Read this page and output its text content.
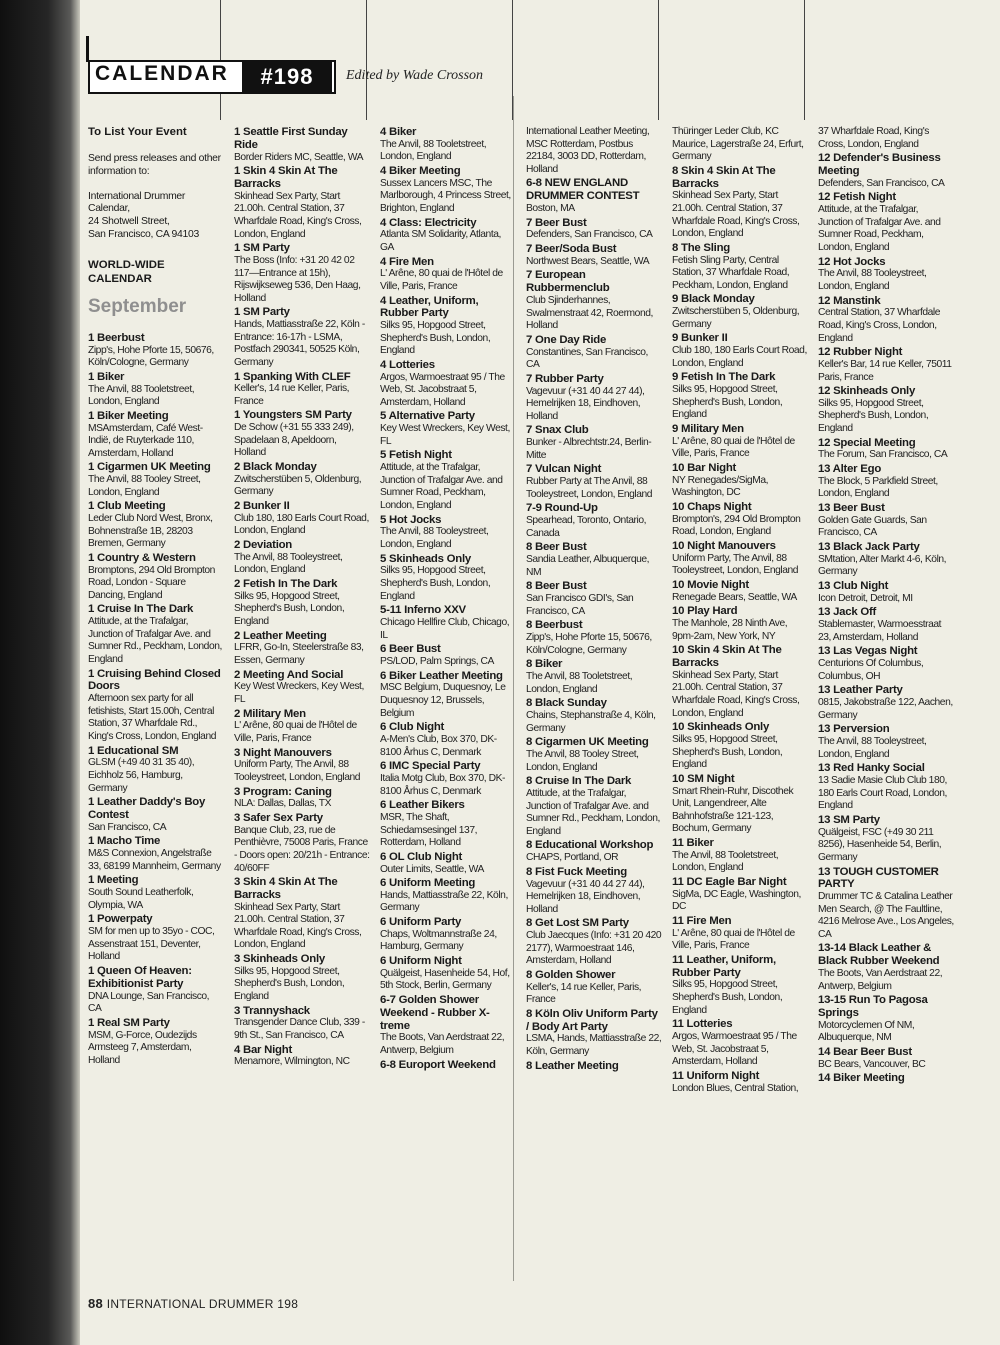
CALENDAR	#198	Edited by Wade Crosson
To List Your Event
Send press releases and other information to:
International Drummer
Calendar,
24 Shotwell Street,
San Francisco, CA 94103
WORLD-WIDE CALENDAR
September
1 Beerbust
Zipp's, Hohe Pforte 15, 50676, Köln/Cologne, Germany
1 Biker
The Anvil, 88 Tooletstreet, London, England
1 Biker Meeting
MSAmsterdam, Café West-Indië, de Ruyterkade 110, Amsterdam, Holland
1 Cigarmen UK Meeting
The Anvil, 88 Tooley Street, London, England
1 Club Meeting
Leder Club Nord West, Bronx, Bohnenstraße 1B, 28203 Bremen, Germany
1 Country & Western
Bromptons, 294 Old Brompton Road, London - Square Dancing, England
1 Cruise In The Dark
Attitude, at the Trafalgar, Junction of Trafalgar Ave. and Sumner Rd., Peckham, London, England
1 Cruising Behind Closed Doors
Afternoon sex party for all fetishists, Start 15.00h, Central Station, 37 Wharfdale Rd., King's Cross, London, England
1 Educational SM
GLSM (+49 40 31 35 40), Eichholz 56, Hamburg, Germany
1 Leather Daddy's Boy Contest
San Francisco, CA
1 Macho Time
M&S Connexion, Angelstraße 33, 68199 Mannheim, Germany
1 Meeting
South Sound Leatherfolk, Olympia, WA
1 Powerpaty
SM for men up to 35yo - COC, Assenstraat 151, Deventer, Holland
1 Queen Of Heaven: Exhibitionist Party
DNA Lounge, San Francisco, CA
1 Real SM Party
MSM, G-Force, Oudezijds Armsteeg 7, Amsterdam, Holland
1 Seattle First Sunday Ride
Border Riders MC, Seattle, WA
1 Skin 4 Skin At The Barracks
Skinhead Sex Party, Start 21.00h. Central Station, 37 Wharfdale Road, King's Cross, London, England
1 SM Party
The Boss (Info: +31 20 42 02 117—Entrance at 15h), Rijswijkseweg 536, Den Haag, Holland
1 SM Party
Hands, Mattiasstraße 22, Köln - Entrance: 16-17h - LSMA, Postfach 290341, 50525 Köln, Germany
1 Spanking With CLEF
Keller's, 14 rue Keller, Paris, France
1 Youngsters SM Party
De Schow (+31 55 333 249), Spadelaan 8, Apeldoorn, Holland
2 Black Monday
Zwitscherstüben 5, Oldenburg, Germany
2 Bunker II
Club 180, 180 Earls Court Road, London, England
2 Deviation
The Anvil, 88 Tooleystreet, London, England
2 Fetish In The Dark
Silks 95, Hopgood Street, Shepherd's Bush, London, England
2 Leather Meeting
LFRR, Go-In, Steelerstraße 83, Essen, Germany
2 Meeting And Social
Key West Wreckers, Key West, FL
2 Military Men
L' Arêne, 80 quai de l'Hôtel de Ville, Paris, France
3 Night Manouvers
Uniform Party, The Anvil, 88 Tooleystreet, London, England
3 Program: Caning
NLA: Dallas, Dallas, TX
3 Safer Sex Party
Banque Club, 23, rue de Penthièvre, 75008 Paris, France - Doors open: 20/21h - Entrance: 40/60FF
3 Skin 4 Skin At The Barracks
Skinhead Sex Party, Start 21.00h. Central Station, 37 Wharfdale Road, King's Cross, London, England
3 Skinheads Only
Silks 95, Hopgood Street, Shepherd's Bush, London, England
3 Trannyshack
Transgender Dance Club, 339 - 9th St., San Francisco, CA
4 Bar Night
Menamore, Wilmington, NC
4 Biker
The Anvil, 88 Tooletstreet, London, England
4 Biker Meeting
Sussex Lancers MSC, The Marlborough, 4 Princess Street, Brighton, England
4 Class: Electricity
Atlanta SM Solidarity, Atlanta, GA
4 Fire Men
L' Arêne, 80 quai de l'Hôtel de Ville, Paris, France
4 Leather, Uniform, Rubber Party
Silks 95, Hopgood Street, Shepherd's Bush, London, England
4 Lotteries
Argos, Warmoestraat 95 / The Web, St. Jacobstraat 5, Amsterdam, Holland
5 Alternative Party
Key West Wreckers, Key West, FL
5 Fetish Night
Attitude, at the Trafalgar, Junction of Trafalgar Ave. and Sumner Road, Peckham, London, England
5 Hot Jocks
The Anvil, 88 Tooleystreet, London, England
5 Skinheads Only
Silks 95, Hopgood Street, Shepherd's Bush, London, England
5-11 Inferno XXV
Chicago Hellfire Club, Chicago, IL
6 Beer Bust
PS/LOD, Palm Springs, CA
6 Biker Leather Meeting
MSC Belgium, Duquesnoy, Le Duquesnoy 12, Brussels, Belgium
6 Club Night
A-Men's Club, Box 370, DK-8100 Århus C, Denmark
6 IMC Special Party
Italia Motg Club, Box 370, DK-8100 Århus C, Denmark
6 Leather Bikers
MSR, The Shaft, Schiedamsesingel 137, Rotterdam, Holland
6 OL Club Night
Outer Limits, Seattle, WA
6 Uniform Meeting
Hands, Mattiasstraße 22, Köln, Germany
6 Uniform Party
Chaps, Woltmannstraße 24, Hamburg, Germany
6 Uniform Night
Quälgeist, Hasenheide 54, Hof, 5th Stock, Berlin, Germany
6-7 Golden Shower Weekend - Rubber X-treme
The Boots, Van Aerdstraat 22, Antwerp, Belgium
6-8 Europort Weekend
International Leather Meeting, MSC Rotterdam, Postbus 22184, 3003 DD, Rotterdam, Holland
6-8 NEW ENGLAND DRUMMER CONTEST
Boston, MA
7 Beer Bust
Defenders, San Francisco, CA
7 Beer/Soda Bust
Northwest Bears, Seattle, WA
7 European Rubbermenclub
Club Sjinderhannes, Swalmenstraat 42, Roermond, Holland
7 One Day Ride
Constantines, San Francisco, CA
7 Rubber Party
Vagevuur (+31 40 44 27 44), Hemelrijken 18, Eindhoven, Holland
7 Snax Club
Bunker - Albrechtstr.24, Berlin-Mitte
7 Vulcan Night
Rubber Party at The Anvil, 88 Tooleystreet, London, England
7-9 Round-Up
Spearhead, Toronto, Ontario, Canada
8 Beer Bust
Sandia Leather, Albuquerque, NM
8 Beer Bust
San Francisco GDI's, San Francisco, CA
8 Beerbust
Zipp's, Hohe Pforte 15, 50676, Köln/Cologne, Germany
8 Biker
The Anvil, 88 Tooletstreet, London, England
8 Black Sunday
Chains, Stephanstraße 4, Köln, Germany
8 Cigarmen UK Meeting
The Anvil, 88 Tooley Street, London, England
8 Cruise In The Dark
Attitude, at the Trafalgar, Junction of Trafalgar Ave. and Sumner Rd., Peckham, London, England
8 Educational Workshop
CHAPS, Portland, OR
8 Fist Fuck Meeting
Vagevuur (+31 40 44 27 44), Hemelrijken 18, Eindhoven, Holland
8 Get Lost SM Party
Club Jaecques (Info: +31 20 420 2177), Warmoestraat 146, Amsterdam, Holland
8 Golden Shower
Keller's, 14 rue Keller, Paris, France
8 Köln Oliv Uniform Party / Body Art Party
LSMA, Hands, Mattiasstraße 22, Köln, Germany
8 Leather Meeting
Thüringer Leder Club, KC Maurice, Lagerstraße 24, Erfurt, Germany
8 Skin 4 Skin At The Barracks
Skinhead Sex Party, Start 21.00h. Central Station, 37 Wharfdale Road, King's Cross, London, England
8 The Sling
Fetish Sling Party, Central Station, 37 Wharfdale Road, Peckham, London, England
9 Black Monday
Zwitscherstüben 5, Oldenburg, Germany
9 Bunker II
Club 180, 180 Earls Court Road, London, England
9 Fetish In The Dark
Silks 95, Hopgood Street, Shepherd's Bush, London, England
9 Military Men
L' Arêne, 80 quai de l'Hôtel de Ville, Paris, France
10 Bar Night
NY Renegades/SigMa, Washington, DC
10 Chaps Night
Brompton's, 294 Old Brompton Road, London, England
10 Night Manouvers
Uniform Party, The Anvil, 88 Tooleystreet, London, England
10 Movie Night
Renegade Bears, Seattle, WA
10 Play Hard
The Manhole, 28 Ninth Ave, 9pm-2am, New York, NY
10 Skin 4 Skin At The Barracks
Skinhead Sex Party, Start 21.00h. Central Station, 37 Wharfdale Road, King's Cross, London, England
10 Skinheads Only
Silks 95, Hopgood Street, Shepherd's Bush, London, England
10 SM Night
Smart Rhein-Ruhr, Discothek Unit, Langendreer, Alte Bahnhofstraße 121-123, Bochum, Germany
11 Biker
The Anvil, 88 Tooletstreet, London, England
11 DC Eagle Bar Night
SigMa, DC Eagle, Washington, DC
11 Fire Men
L' Arêne, 80 quai de l'Hôtel de Ville, Paris, France
11 Leather, Uniform, Rubber Party
Silks 95, Hopgood Street, Shepherd's Bush, London, England
11 Lotteries
Argos, Warmoestraat 95 / The Web, St. Jacobstraat 5, Amsterdam, Holland
11 Uniform Night
London Blues, Central Station,
37 Wharfdale Road, King's Cross, London, England
12 Defender's Business Meeting
Defenders, San Francisco, CA
12 Fetish Night
Attitude, at the Trafalgar, Junction of Trafalgar Ave. and Sumner Road, Peckham, London, England
12 Hot Jocks
The Anvil, 88 Tooleystreet, London, England
12 Manstink
Central Station, 37 Wharfdale Road, King's Cross, London, England
12 Rubber Night
Keller's Bar, 14 rue Keller, 75011 Paris, France
12 Skinheads Only
Silks 95, Hopgood Street, Shepherd's Bush, London, England
12 Special Meeting
The Forum, San Francisco, CA
13 Alter Ego
The Block, 5 Parkfield Street, London, England
13 Beer Bust
Golden Gate Guards, San Francisco, CA
13 Black Jack Party
SMtation, Alter Markt 4-6, Köln, Germany
13 Club Night
Icon Detroit, Detroit, MI
13 Jack Off
Stablemaster, Warmoesstraat 23, Amsterdam, Holland
13 Las Vegas Night
Centurions Of Columbus, Columbus, OH
13 Leather Party
0815, Jakobstraße 122, Aachen, Germany
13 Perversion
The Anvil, 88 Tooleystreet, London, England
13 Red Hanky Social
13 Sadie Masie Club Club 180, 180 Earls Court Road, London, England
13 SM Party
Quälgeist, FSC (+49 30 211 8256), Hasenheide 54, Berlin, Germany
13 TOUGH CUSTOMER PARTY
Drummer TC & Catalina Leather Men Search, @ The Faultline, 4216 Melrose Ave., Los Angeles, CA
13-14 Black Leather & Black Rubber Weekend
The Boots, Van Aerdstraat 22, Antwerp, Belgium
13-15 Run To Pagosa Springs
Motorcyclemen Of NM, Albuquerque, NM
14 Bear Beer Bust
BC Bears, Vancouver, BC
14 Biker Meeting
88 INTERNATIONAL DRUMMER 198
